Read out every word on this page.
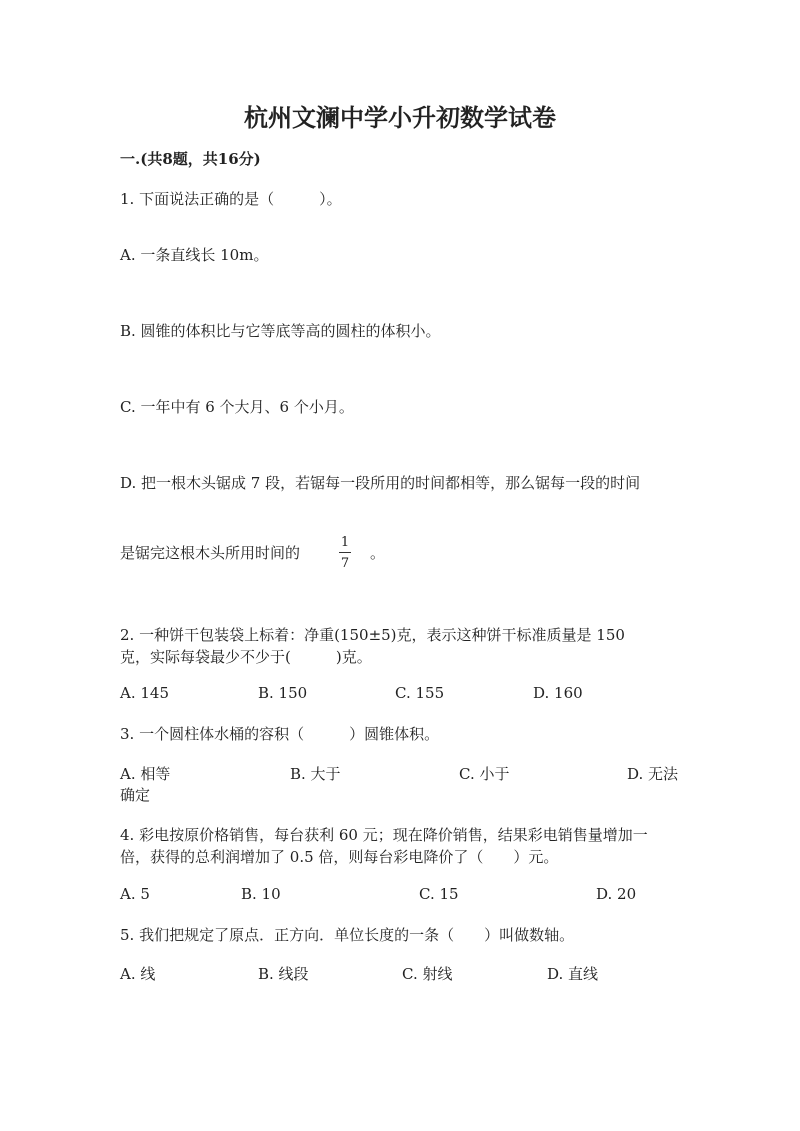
杭州文澜中学小升初数学试卷
一.(共8题，共16分)
1. 下面说法正确的是（　　　）。
A. 一条直线长 10m。
B. 圆锥的体积比与它等底等高的圆柱的体积小。
C. 一年中有 6 个大月、6 个小月。
D. 把一根木头锯成 7 段，若锯每一段所用的时间都相等，那么锯每一段的时间
是锯完这根木头所用时间的
1
7
。
2. 一种饼干包装袋上标着：净重(150±5)克，表示这种饼干标准质量是 150
克，实际每袋最少不少于(　　　)克。
A. 145	B. 150	C. 155	D. 160
3. 一个圆柱体水桶的容积（　　　）圆锥体积。
A. 相等	B. 大于	C. 小于	D. 无法
确定
4. 彩电按原价格销售，每台获利 60 元；现在降价销售，结果彩电销售量增加一
倍，获得的总利润增加了 0.5 倍，则每台彩电降价了（　　）元。
A. 5	B. 10	C. 15	D. 20
5. 我们把规定了原点．正方向．单位长度的一条（　　）叫做数轴。
A. 线	B. 线段	C. 射线	D. 直线
